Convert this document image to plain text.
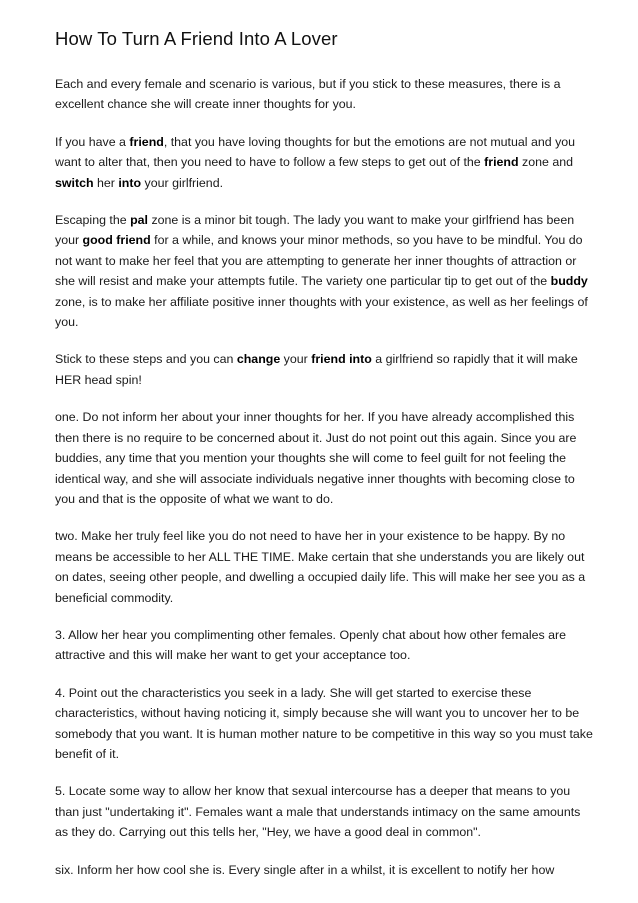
How To Turn A Friend Into A Lover

Each and every female and scenario is various, but if you stick to these measures, there is a excellent chance she will create inner thoughts for you.

If you have a friend, that you have loving thoughts for but the emotions are not mutual and you want to alter that, then you need to have to follow a few steps to get out of the friend zone and switch her into your girlfriend.

Escaping the pal zone is a minor bit tough. The lady you want to make your girlfriend has been your good friend for a while, and knows your minor methods, so you have to be mindful. You do not want to make her feel that you are attempting to generate her inner thoughts of attraction or she will resist and make your attempts futile. The variety one particular tip to get out of the buddy zone, is to make her affiliate positive inner thoughts with your existence, as well as her feelings of you.

Stick to these steps and you can change your friend into a girlfriend so rapidly that it will make HER head spin!

one. Do not inform her about your inner thoughts for her. If you have already accomplished this then there is no require to be concerned about it. Just do not point out this again. Since you are buddies, any time that you mention your thoughts she will come to feel guilt for not feeling the identical way, and she will associate individuals negative inner thoughts with becoming close to you and that is the opposite of what we want to do.

two. Make her truly feel like you do not need to have her in your existence to be happy. By no means be accessible to her ALL THE TIME. Make certain that she understands you are likely out on dates, seeing other people, and dwelling a occupied daily life. This will make her see you as a beneficial commodity.

3. Allow her hear you complimenting other females. Openly chat about how other females are attractive and this will make her want to get your acceptance too.

4. Point out the characteristics you seek in a lady. She will get started to exercise these characteristics, without having noticing it, simply because she will want you to uncover her to be somebody that you want. It is human mother nature to be competitive in this way so you must take benefit of it.

5. Locate some way to allow her know that sexual intercourse has a deeper that means to you than just "undertaking it". Females want a male that understands intimacy on the same amounts as they do. Carrying out this tells her, "Hey, we have a good deal in common".

six. Inform her how cool she is. Every single after in a whilst, it is excellent to notify her how
